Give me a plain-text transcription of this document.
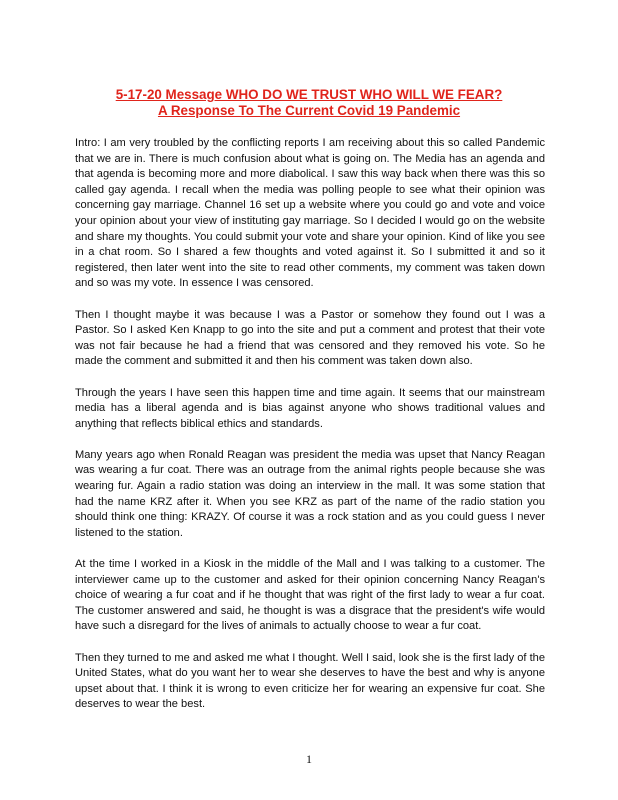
5-17-20 Message WHO DO WE TRUST WHO WILL WE FEAR?
A Response To The Current Covid 19 Pandemic

Intro: I am very troubled by the conflicting reports I am receiving about this so called Pandemic that we are in. There is much confusion about what is going on. The Media has an agenda and that agenda is becoming more and more diabolical. I saw this way back when there was this so called gay agenda. I recall when the media was polling people to see what their opinion was concerning gay marriage. Channel 16 set up a website where you could go and vote and voice your opinion about your view of instituting gay marriage. So I decided I would go on the website and share my thoughts. You could submit your vote and share your opinion. Kind of like you see in a chat room. So I shared a few thoughts and voted against it. So I submitted it and so it registered, then later went into the site to read other comments, my comment was taken down and so was my vote. In essence I was censored.

Then I thought maybe it was because I was a Pastor or somehow they found out I was a Pastor. So I asked Ken Knapp to go into the site and put a comment and protest that their vote was not fair because he had a friend that was censored and they removed his vote. So he made the comment and submitted it and then his comment was taken down also.

Through the years I have seen this happen time and time again. It seems that our mainstream media has a liberal agenda and is bias against anyone who shows traditional values and anything that reflects biblical ethics and standards.

Many years ago when Ronald Reagan was president the media was upset that Nancy Reagan was wearing a fur coat. There was an outrage from the animal rights people because she was wearing fur. Again a radio station was doing an interview in the mall. It was some station that had the name KRZ after it. When you see KRZ as part of the name of the radio station you should think one thing: KRAZY. Of course it was a rock station and as you could guess I never listened to the station.

At the time I worked in a Kiosk in the middle of the Mall and I was talking to a customer. The interviewer came up to the customer and asked for their opinion concerning Nancy Reagan's choice of wearing a fur coat and if he thought that was right of the first lady to wear a fur coat. The customer answered and said, he thought is was a disgrace that the president's wife would have such a disregard for the lives of animals to actually choose to wear a fur coat.

Then they turned to me and asked me what I thought. Well I said, look she is the first lady of the United States, what do you want her to wear she deserves to have the best and why is anyone upset about that. I think it is wrong to even criticize her for wearing an expensive fur coat. She deserves to wear the best.

1
